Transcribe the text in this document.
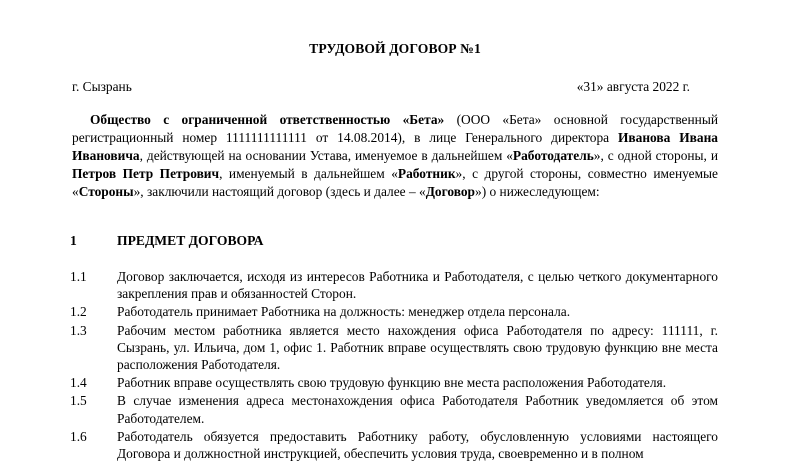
ТРУДОВОЙ ДОГОВОР №1
г. Сызрань	«31» августа 2022 г.
Общество с ограниченной ответственностью «Бета» (ООО «Бета» основной государственный регистрационный номер 1111111111111 от 14.08.2014), в лице Генерального директора Иванова Ивана Ивановича, действующей на основании Устава, именуемое в дальнейшем «Работодатель», с одной стороны, и Петров Петр Петрович, именуемый в дальнейшем «Работник», с другой стороны, совместно именуемые «Стороны», заключили настоящий договор (здесь и далее – «Договор») о нижеследующем:
1	ПРЕДМЕТ ДОГОВОРА
1.1	Договор заключается, исходя из интересов Работника и Работодателя, с целью четкого документарного закрепления прав и обязанностей Сторон.
1.2	Работодатель принимает Работника на должность: менеджер отдела персонала.
1.3	Рабочим местом работника является место нахождения офиса Работодателя по адресу: 111111, г. Сызрань, ул. Ильича, дом 1, офис 1. Работник вправе осуществлять свою трудовую функцию вне места расположения Работодателя.
1.4	Работник вправе осуществлять свою трудовую функцию вне места расположения Работодателя.
1.5	В случае изменения адреса местонахождения офиса Работодателя Работник уведомляется об этом Работодателем.
1.6	Работодатель обязуется предоставить Работнику работу, обусловленную условиями настоящего Договора и должностной инструкцией, обеспечить условия труда, своевременно и в полном
